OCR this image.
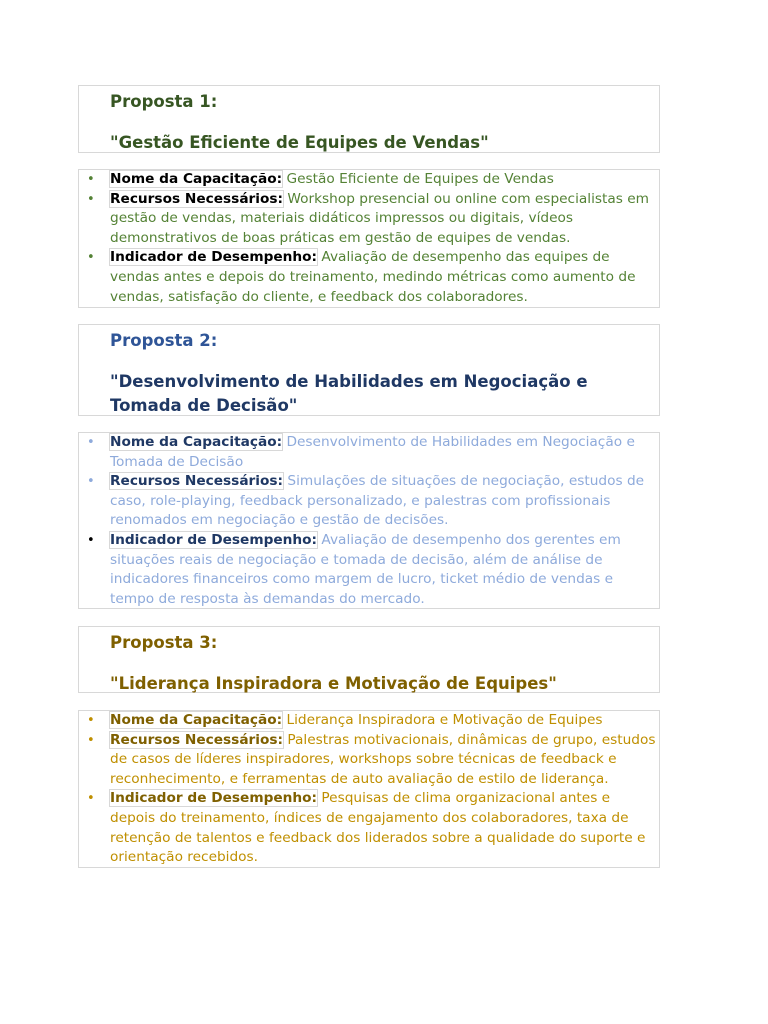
Proposta 1:

"Gestão Eficiente de Equipes de Vendas"

• Nome da Capacitação: Gestão Eficiente de Equipes de Vendas
• Recursos Necessários: Workshop presencial ou online com especialistas em gestão de vendas, materiais didáticos impressos ou digitais, vídeos demonstrativos de boas práticas em gestão de equipes de vendas.
• Indicador de Desempenho: Avaliação de desempenho das equipes de vendas antes e depois do treinamento, medindo métricas como aumento de vendas, satisfação do cliente, e feedback dos colaboradores.

Proposta 2:

"Desenvolvimento de Habilidades em Negociação e Tomada de Decisão"

• Nome da Capacitação: Desenvolvimento de Habilidades em Negociação e Tomada de Decisão
• Recursos Necessários: Simulações de situações de negociação, estudos de caso, role-playing, feedback personalizado, e palestras com profissionais renomados em negociação e gestão de decisões.
• Indicador de Desempenho: Avaliação de desempenho dos gerentes em situações reais de negociação e tomada de decisão, além de análise de indicadores financeiros como margem de lucro, ticket médio de vendas e tempo de resposta às demandas do mercado.

Proposta 3:

"Liderança Inspiradora e Motivação de Equipes"

• Nome da Capacitação: Liderança Inspiradora e Motivação de Equipes
• Recursos Necessários: Palestras motivacionais, dinâmicas de grupo, estudos de casos de líderes inspiradores, workshops sobre técnicas de feedback e reconhecimento, e ferramentas de auto avaliação de estilo de liderança.
• Indicador de Desempenho: Pesquisas de clima organizacional antes e depois do treinamento, índices de engajamento dos colaboradores, taxa de retenção de talentos e feedback dos liderados sobre a qualidade do suporte e orientação recebidos.
